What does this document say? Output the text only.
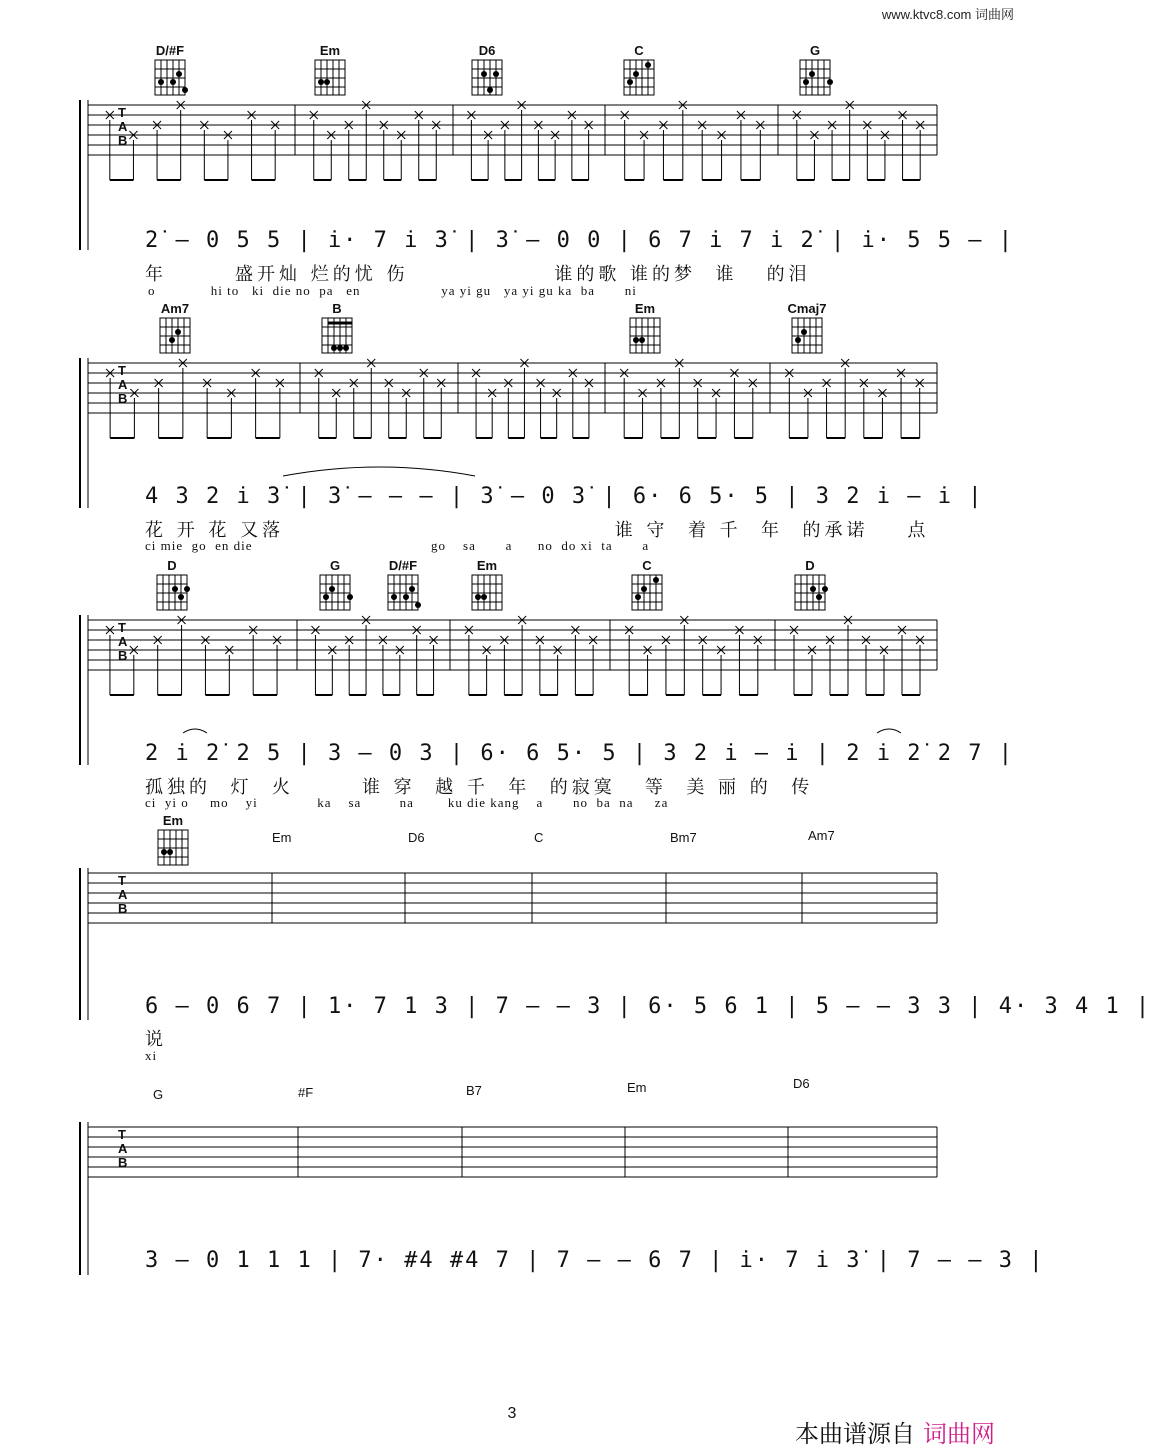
www.ktvc8.com 词曲网
D/#F	Em	D6	C	G
T
A
B
2̇ — 0 5 5 | i̇· 7 i̇ 3̇ | 3̇ — 0 0 | 6 7 i̇ 7 i̇ 2̇ | i̇· 5 5 — |
年       盛开灿 烂的忧 伤               谁的歌 谁的梦  谁   的泪
o             hi to   ki  die no  pa   en                   ya yi gu   ya yi gu ka  ba       ni
Am7	B	Em	Cmaj7
T
A
B
4 3 2 i̇ 3̇ | 3̇ — — — | 3̇ — 0 3̇ | 6· 6 5· 5 | 3 2 i̇ — i̇ |
花 开 花 又落                                  谁 守  着 千  年  的承诺    点
ci mie  go  en die                                          go    sa       a      no  do xi  ta       a
D	G	D/#F	Em	C	D
T
A
B
2 i̇ 2̇ 2 5 | 3 — 0 3 | 6· 6 5· 5 | 3 2 i̇ — i̇ | 2 i̇ 2̇ 2 7 |
孤独的  灯  火       谁 穿  越 千  年  的寂寞   等  美 丽 的  传
ci  yi o     mo    yi              ka    sa         na        ku die kang    a       no  ba  na     za
Em
Em	D6	C	Bm7	Am7
T
A
B
6 — 0 6 7 | 1· 7 1 3 | 7 — — 3 | 6· 5 6 1 | 5 — — 3 3 | 4· 3 4 1 |
说
xi
G	#F	B7	Em	D6
T
A
B
3 — 0 1 1 1 | 7· #4 #4 7 | 7 — — 6 7 | i̇· 7 i̇ 3̇ | 7 — — 3 |
3
本曲谱源自 词曲网
